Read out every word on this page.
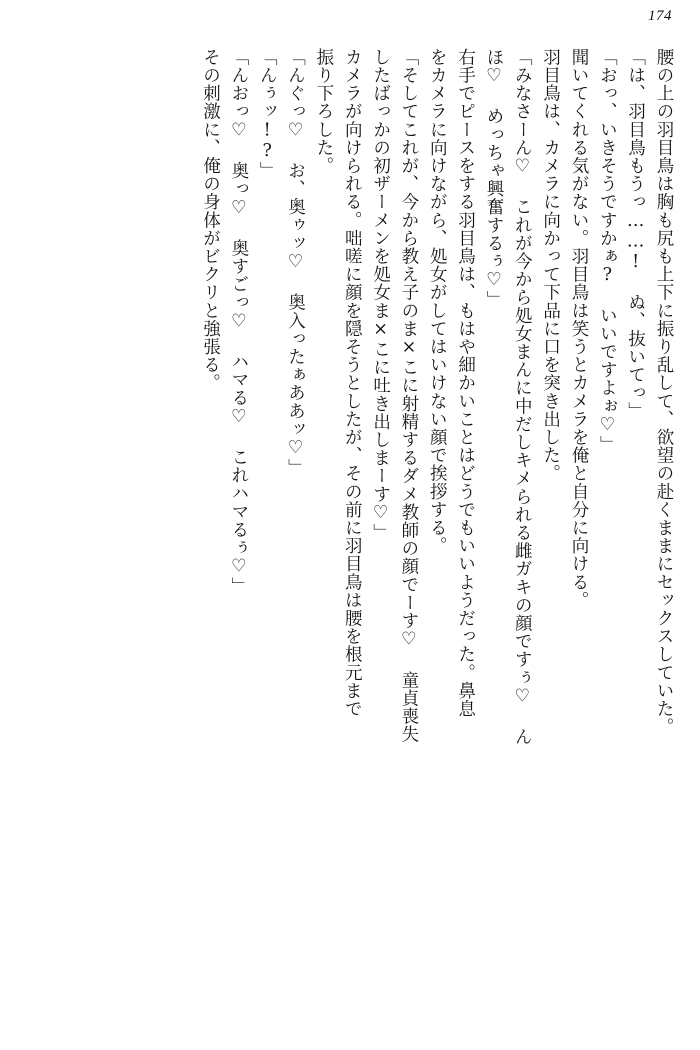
174

腰の上の羽目鳥は胸も尻も上下に振り乱して、欲望の赴くままにセックスしていた。

「は、羽目鳥もうっ……! ぬ、抜いてっ」

「おっ、いきそうですかぁ? いいですよぉ♡」

聞いてくれる気がない。羽目鳥は笑うとカメラを俺と自分に向ける。

羽目鳥は、カメラに向かって下品に口を突き出した。

「みなさーん♡ これが今から処女まんに中だしキメられる雌ガキの顔ですぅ♡ ん

ほ♡ めっちゃ興奮するぅ♡」

右手でピースをする羽目鳥は、もはや細かいことはどうでもいいようだった。鼻息

をカメラに向けながら、処女がしてはいけない顔で挨拶する。

「そしてこれが、今から教え子のま×こに射精するダメ教師の顔でーす♡ 童貞喪失

したばっかの初ザーメンを処女ま×こに吐き出しまーす♡」

カメラが向けられる。咄嗟に顔を隠そうとしたが、その前に羽目鳥は腰を根元まで

振り下ろした。

「んぐっ♡ お、奥ゥッ♡ 奥入ったぁああッ♡」

「んぅッ!?」

「んおっ♡ 奥っ♡ 奥すごっ♡ ハマる♡ これハマるぅ♡」

その刺激に、俺の身体がビクリと強張る。
